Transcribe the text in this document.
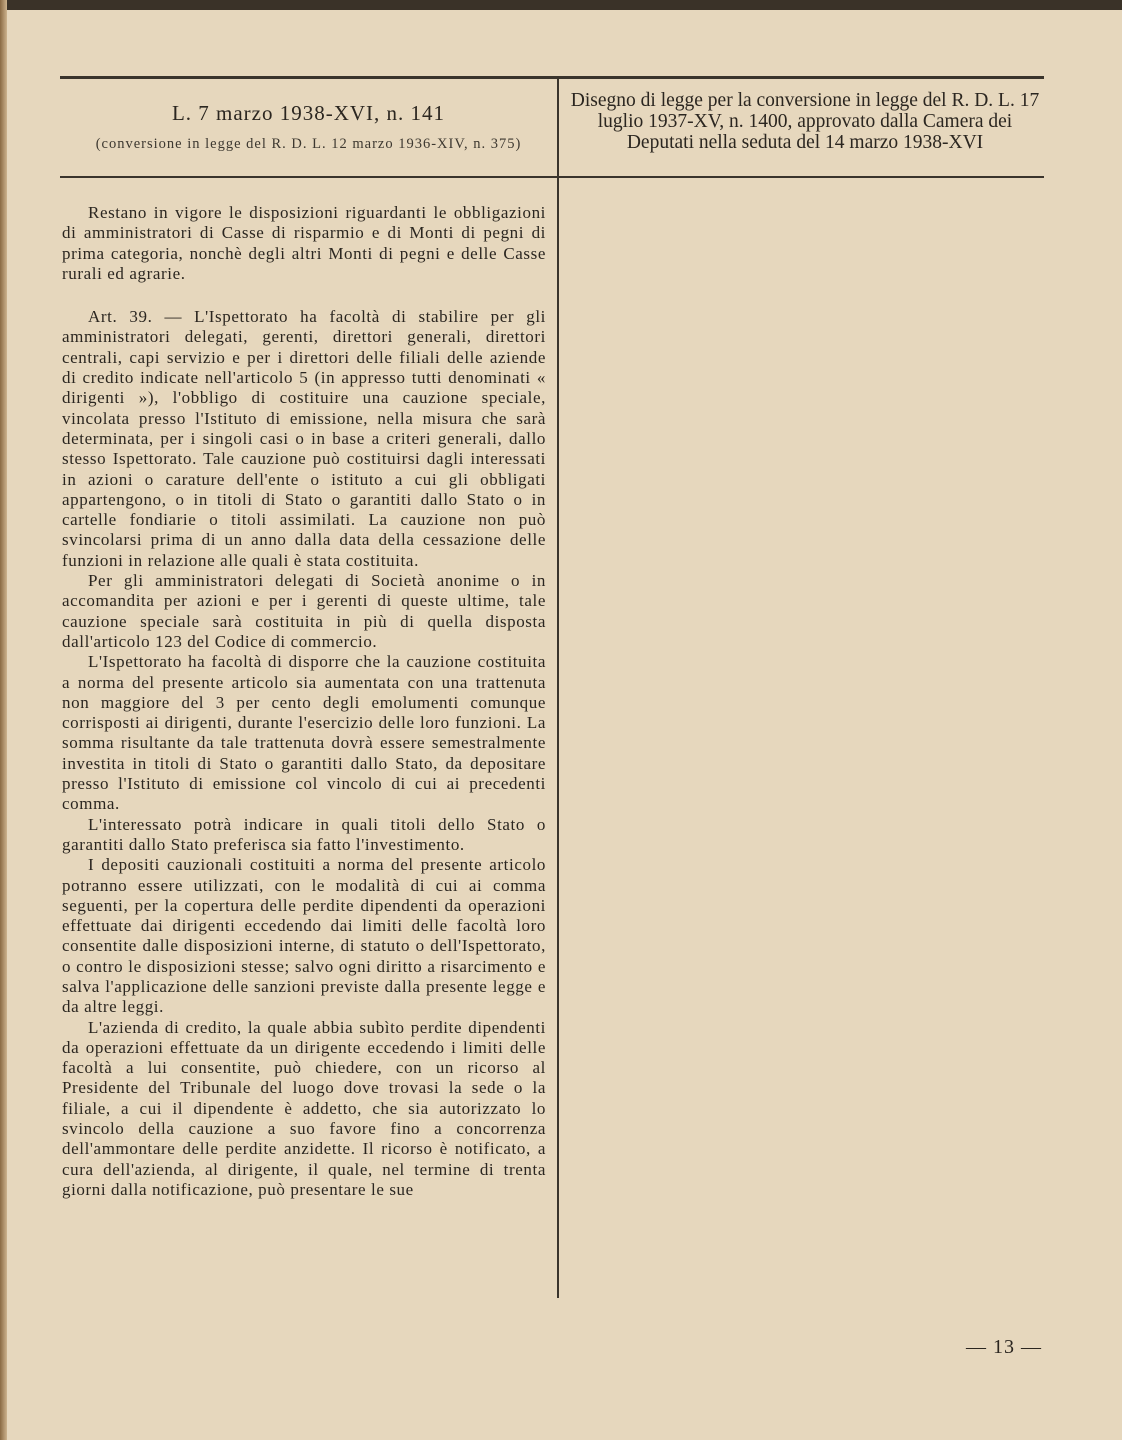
L. 7 marzo 1938-XVI, n. 141
(conversione in legge del R. D. L. 12 marzo 1936-XIV, n. 375)
Disegno di legge per la conversione in legge del R. D. L. 17 luglio 1937-XV, n. 1400, approvato dalla Camera dei Deputati nella seduta del 14 marzo 1938-XVI

Restano in vigore le disposizioni riguardanti le obbligazioni di amministratori di Casse di risparmio e di Monti di pegni di prima categoria, nonchè degli altri Monti di pegni e delle Casse rurali ed agrarie.

Art. 39. — L'Ispettorato ha facoltà di stabilire per gli amministratori delegati, gerenti, direttori generali, direttori centrali, capi servizio e per i direttori delle filiali delle aziende di credito indicate nell'articolo 5 (in appresso tutti denominati « dirigenti »), l'obbligo di costituire una cauzione speciale, vincolata presso l'Istituto di emissione, nella misura che sarà determinata, per i singoli casi o in base a criteri generali, dallo stesso Ispettorato. Tale cauzione può costituirsi dagli interessati in azioni o carature dell'ente o istituto a cui gli obbligati appartengono, o in titoli di Stato o garantiti dallo Stato o in cartelle fondiarie o titoli assimilati. La cauzione non può svincolarsi prima di un anno dalla data della cessazione delle funzioni in relazione alle quali è stata costituita.

Per gli amministratori delegati di Società anonime o in accomandita per azioni e per i gerenti di queste ultime, tale cauzione speciale sarà costituita in più di quella disposta dall'articolo 123 del Codice di commercio.

L'Ispettorato ha facoltà di disporre che la cauzione costituita a norma del presente articolo sia aumentata con una trattenuta non maggiore del 3 per cento degli emolumenti comunque corrisposti ai dirigenti, durante l'esercizio delle loro funzioni. La somma risultante da tale trattenuta dovrà essere semestralmente investita in titoli di Stato o garantiti dallo Stato, da depositare presso l'Istituto di emissione col vincolo di cui ai precedenti comma.

L'interessato potrà indicare in quali titoli dello Stato o garantiti dallo Stato preferisca sia fatto l'investimento.

I depositi cauzionali costituiti a norma del presente articolo potranno essere utilizzati, con le modalità di cui ai comma seguenti, per la copertura delle perdite dipendenti da operazioni effettuate dai dirigenti eccedendo dai limiti delle facoltà loro consentite dalle disposizioni interne, di statuto o dell'Ispettorato, o contro le disposizioni stesse; salvo ogni diritto a risarcimento e salva l'applicazione delle sanzioni previste dalla presente legge e da altre leggi.

L'azienda di credito, la quale abbia subìto perdite dipendenti da operazioni effettuate da un dirigente eccedendo i limiti delle facoltà a lui consentite, può chiedere, con un ricorso al Presidente del Tribunale del luogo dove trovasi la sede o la filiale, a cui il dipendente è addetto, che sia autorizzato lo svincolo della cauzione a suo favore fino a concorrenza dell'ammontare delle perdite anzidette. Il ricorso è notificato, a cura dell'azienda, al dirigente, il quale, nel termine di trenta giorni dalla notificazione, può presentare le sue

— 13 —
